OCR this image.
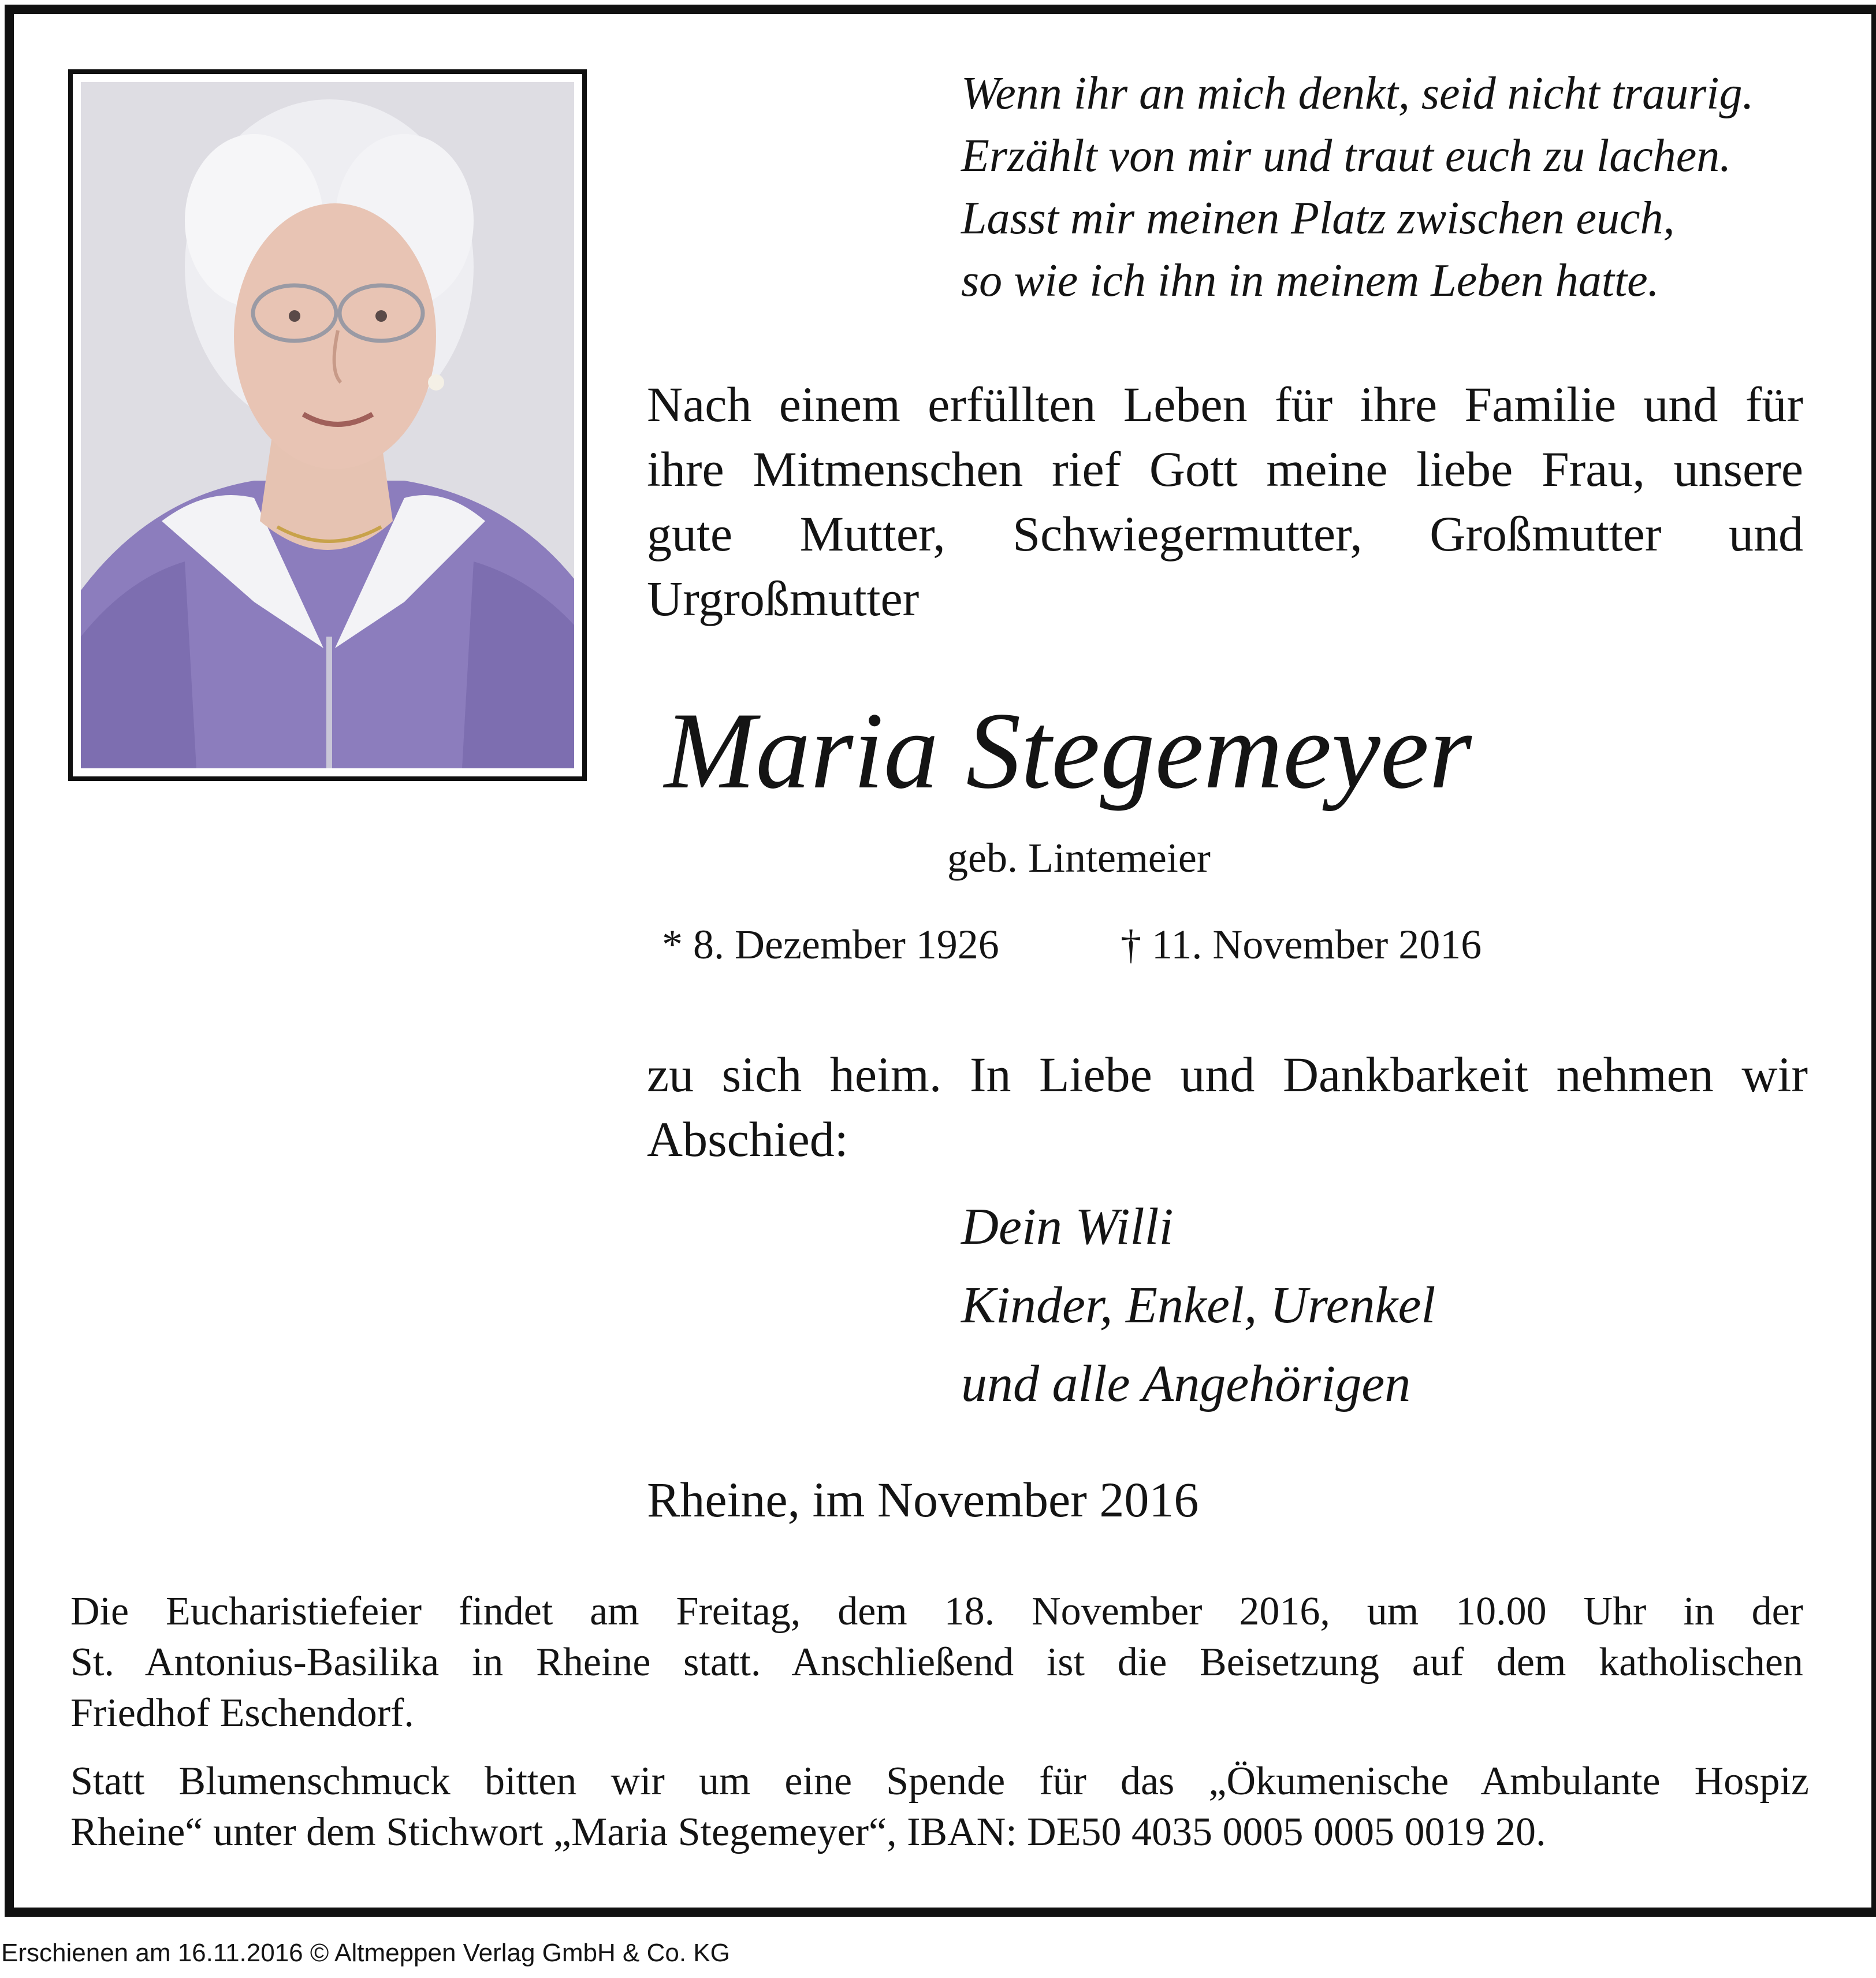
Wenn ihr an mich denkt, seid nicht traurig.

Erzählt von mir und traut euch zu lachen.

Lasst mir meinen Platz zwischen euch,

so wie ich ihn in meinem Leben hatte.

Nach einem erfüllten Leben für ihre Familie und für
ihre Mitmenschen rief Gott meine liebe Frau, unsere
gute Mutter, Schwiegermutter, Großmutter und
Urgroßmutter

Maria Stegemeyer

geb. Lintemeier

* 8. Dezember 1926	† 11. November 2016

zu sich heim. In Liebe und Dankbarkeit nehmen wir
Abschied:

Dein Willi

Kinder, Enkel, Urenkel

und alle Angehörigen

Rheine, im November 2016

Die Eucharistiefeier findet am Freitag, dem 18. November 2016, um 10.00 Uhr in der
St. Antonius-Basilika in Rheine statt. Anschließend ist die Beisetzung auf dem katholischen
Friedhof Eschendorf.
Statt Blumenschmuck bitten wir um eine Spende für das „Ökumenische Ambulante Hospiz
Rheine“ unter dem Stichwort „Maria Stegemeyer“, IBAN: DE50 4035 0005 0005 0019 20.

Erschienen am 16.11.2016 © Altmeppen Verlag GmbH & Co. KG
